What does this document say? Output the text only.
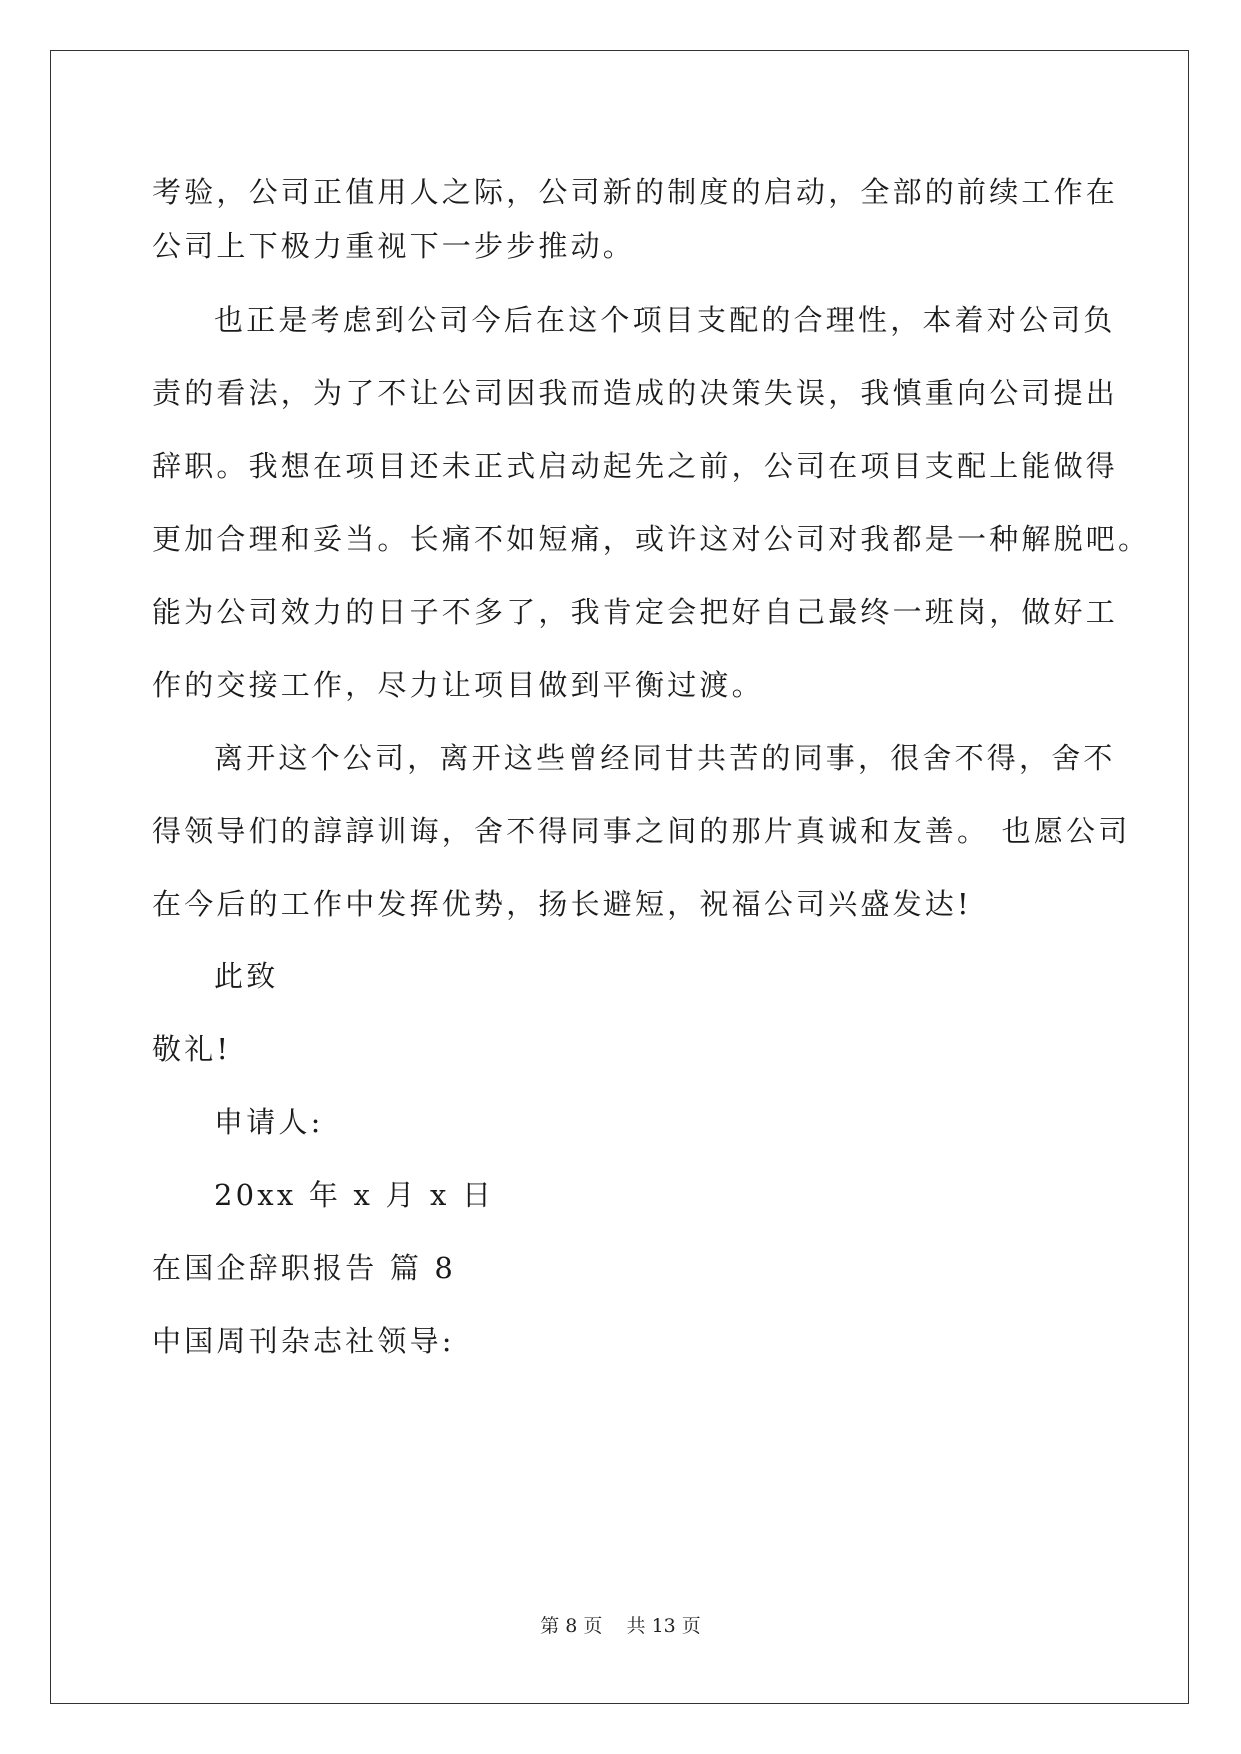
考验，公司正值用人之际，公司新的制度的启动，全部的前续工作在
公司上下极力重视下一步步推动。
也正是考虑到公司今后在这个项目支配的合理性，本着对公司负
责的看法，为了不让公司因我而造成的决策失误，我慎重向公司提出
辞职。我想在项目还未正式启动起先之前，公司在项目支配上能做得
更加合理和妥当。长痛不如短痛，或许这对公司对我都是一种解脱吧。
能为公司效力的日子不多了，我肯定会把好自己最终一班岗，做好工
作的交接工作，尽力让项目做到平衡过渡。
离开这个公司，离开这些曾经同甘共苦的同事，很舍不得，舍不
得领导们的諄諄训诲，舍不得同事之间的那片真诚和友善。 也愿公司
在今后的工作中发挥优势，扬长避短，祝福公司兴盛发达!
此致
敬礼!
申请人:
20xx 年 x 月 x 日
在国企辞职报告 篇 8
中国周刊杂志社领导:
第 8 页    共 13 页
